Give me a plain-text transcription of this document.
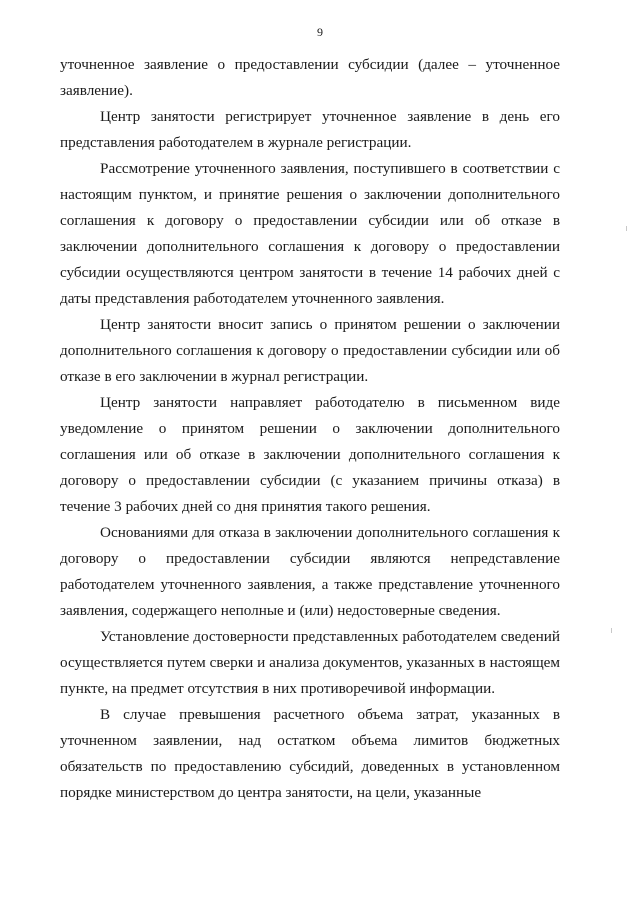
9

уточненное заявление о предоставлении субсидии (далее – уточненное заявление).

Центр занятости регистрирует уточненное заявление в день его представления работодателем в журнале регистрации.

Рассмотрение уточненного заявления, поступившего в соответствии с настоящим пунктом, и принятие решения о заключении дополнительного соглашения к договору о предоставлении субсидии или об отказе в заключении дополнительного соглашения к договору о предоставлении субсидии осуществляются центром занятости в течение 14 рабочих дней с даты представления работодателем уточненного заявления.

Центр занятости вносит запись о принятом решении о заключении дополнительного соглашения к договору о предоставлении субсидии или об отказе в его заключении в журнал регистрации.

Центр занятости направляет работодателю в письменном виде уведомление о принятом решении о заключении дополнительного соглашения или об отказе в заключении дополнительного соглашения к договору о предоставлении субсидии (с указанием причины отказа) в течение 3 рабочих дней со дня принятия такого решения.

Основаниями для отказа в заключении дополнительного соглашения к договору о предоставлении субсидии являются непредставление работодателем уточненного заявления, а также представление уточненного заявления, содержащего неполные и (или) недостоверные сведения.

Установление достоверности представленных работодателем сведений осуществляется путем сверки и анализа документов, указанных в настоящем пункте, на предмет отсутствия в них противоречивой информации.

В случае превышения расчетного объема затрат, указанных в уточненном заявлении, над остатком объема лимитов бюджетных обязательств по предоставлению субсидий, доведенных в установленном порядке министерством до центра занятости, на цели, указанные
